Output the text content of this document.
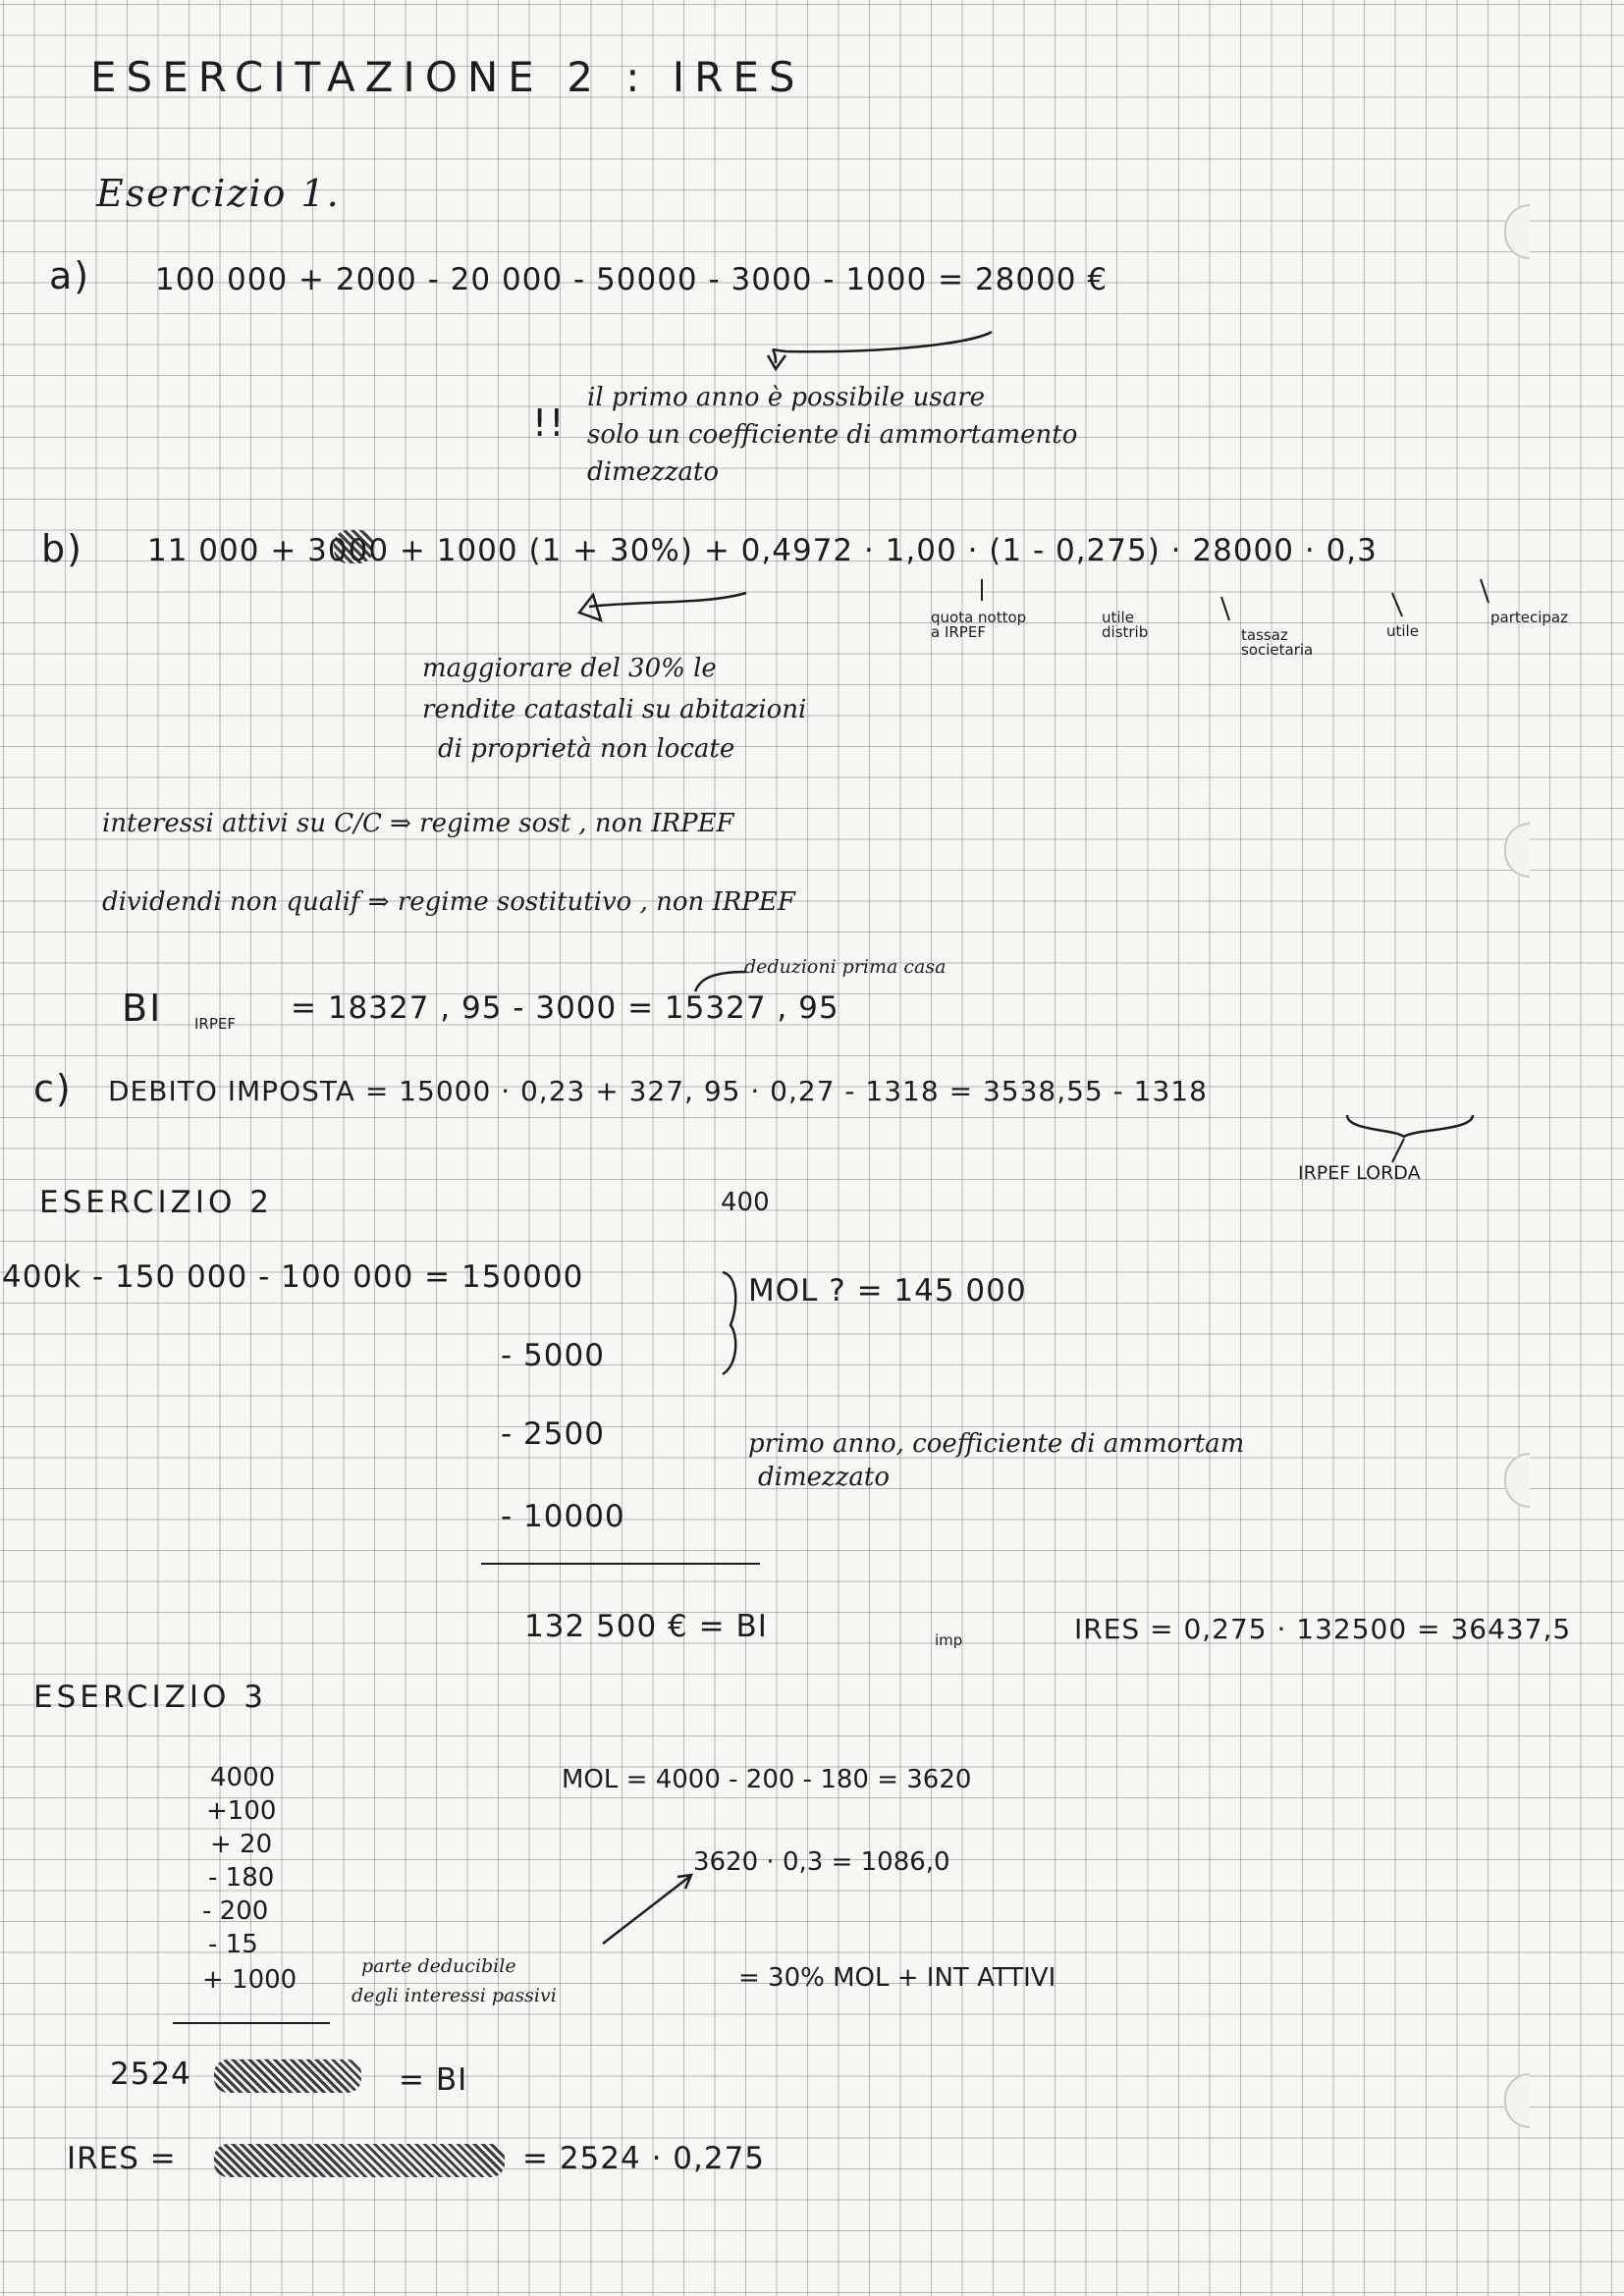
ESERCITAZIONE 2 : IRES
Esercizio 1.
a) 100 000 + 2000 - 20 000 - 50000 - 3000 - 1000 = 28000 €
!!
il primo anno è possibile usare
solo un coefficiente di ammortamento
dimezzato
b) 11 000 + 3000 + 1000 (1 + 30%) + 0,4972 · 1,00 · (1 - 0,275) · 28000 · 0,3
quota nottop a IRPEF
utile distrib	tassaz societaria
utile
partecipaz
maggiorare del 30% le
rendite catastali su abitazioni
di proprietà non locate
interessi attivi su C/C ⇒ regime sost , non IRPEF
dividendi non qualif ⇒ regime sostitutivo , non IRPEF
deduzioni prima casa
BI IRPEF = 18327 , 95 - 3000 = 15327 , 95
c) DEBITO IMPOSTA = 15000 · 0,23 + 327, 95 · 0,27 - 1318 = 3538,55 - 1318
IRPEF LORDA
ESERCIZIO 2	400
400k - 150 000 - 100 000 = 150000	MOL ? = 145 000
- 5000
- 2500
- 10000
primo anno, coefficiente di ammortam
dimezzato
132 500 € = BI	imp	IRES = 0,275 · 132500 = 36437,5
ESERCIZIO 3
4000
+100
+ 20
- 180
- 200
- 15
+ 1000
MOL = 4000 - 200 - 180 = 3620
3620 · 0,3 = 1086,0
parte deducibile
degli interessi passivi
= 30% MOL + INT ATTIVI
2524	= BI
IRES =	= 2524 · 0,275
